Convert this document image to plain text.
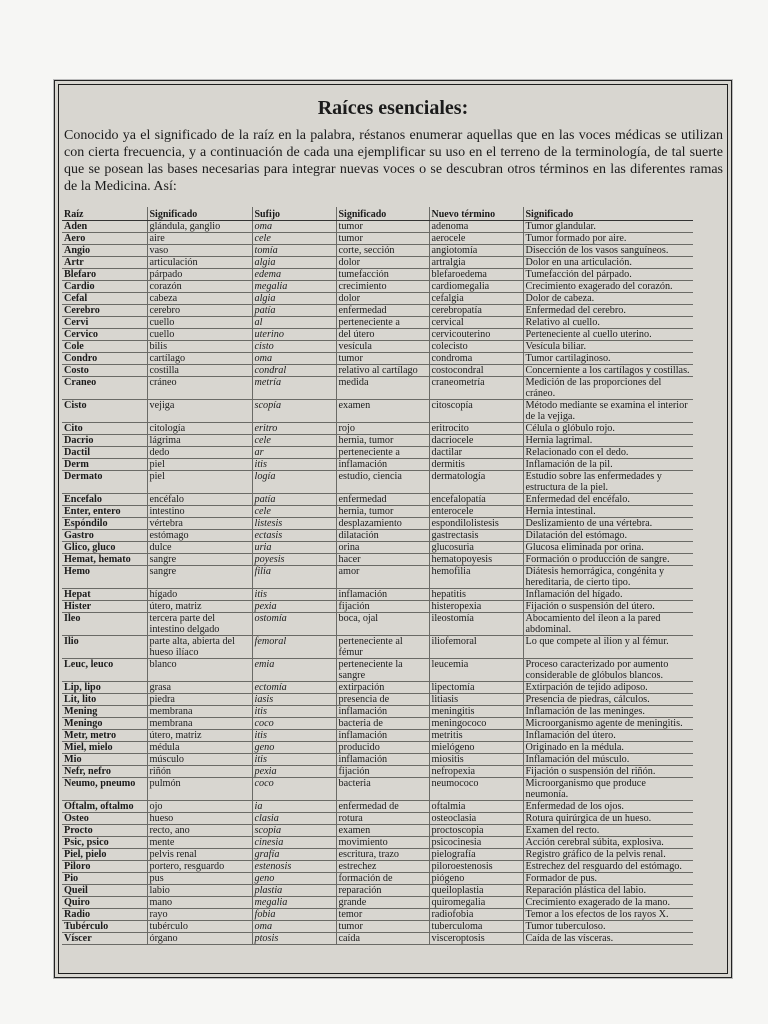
Raíces esenciales:
Conocido ya el significado de la raíz en la palabra, réstanos enumerar aquellas que en las voces médicas se utilizan con cierta frecuencia, y a continuación de cada una ejemplificar su uso en el terreno de la terminología, de tal suerte que se posean las bases necesarias para integrar nuevas voces o se descubran otros términos en las diferentes ramas de la Medicina. Así:
Raíz	Significado	Sufijo	Significado	Nuevo término	Significado
Aden	glándula, ganglio	oma	tumor	adenoma	Tumor glandular.
Aero	aire	cele	tumor	aerocele	Tumor formado por aire.
Angio	vaso	tomía	corte, sección	angiotomía	Disección de los vasos sanguíneos.
Artr	articulación	algia	dolor	artralgia	Dolor en una articulación.
Blefaro	párpado	edema	tumefacción	blefaroedema	Tumefacción del párpado.
Cardio	corazón	megalia	crecimiento	cardiomegalia	Crecimiento exagerado del corazón.
Cefal	cabeza	algia	dolor	cefalgia	Dolor de cabeza.
Cerebro	cerebro	patía	enfermedad	cerebropatía	Enfermedad del cerebro.
Cervi	cuello	al	perteneciente a	cervical	Relativo al cuello.
Cervico	cuello	uterino	del útero	cervicouterino	Perteneciente al cuello uterino.
Cole	bilis	cisto	vesícula	colecisto	Vesícula biliar.
Condro	cartílago	oma	tumor	condroma	Tumor cartilaginoso.
Costo	costilla	condral	relativo al cartílago	costocondral	Concerniente a los cartílagos y costillas.
Craneo	cráneo	metría	medida	craneometría	Medición de las proporciones del cráneo.
Cisto	vejiga	scopía	examen	citoscopía	Método mediante se examina el interior de la vejiga.
Cito	citología	eritro	rojo	eritrocito	Célula o glóbulo rojo.
Dacrio	lágrima	cele	hernia, tumor	dacriocele	Hernia lagrimal.
Dactil	dedo	ar	perteneciente a	dactilar	Relacionado con el dedo.
Derm	piel	itis	inflamación	dermitis	Inflamación de la pil.
Dermato	piel	logía	estudio, ciencia	dermatología	Estudio sobre las enfermedades y estructura de la piel.
Encefalo	encéfalo	patía	enfermedad	encefalopatía	Enfermedad del encéfalo.
Enter, entero	intestino	cele	hernia, tumor	enterocele	Hernia intestinal.
Espóndilo	vértebra	listesis	desplazamiento	espondilolistesis	Deslizamiento de una vértebra.
Gastro	estómago	ectasis	dilatación	gastrectasis	Dilatación del estómago.
Glico, gluco	dulce	uria	orina	glucosuria	Glucosa eliminada por orina.
Hemat, hemato	sangre	poyesis	hacer	hematopoyesis	Formación o producción de sangre.
Hemo	sangre	filia	amor	hemofilia	Diátesis hemorrágica, congénita y hereditaria, de cierto tipo.
Hepat	hígado	itis	inflamación	hepatitis	Inflamación del hígado.
Hister	útero, matriz	pexia	fijación	histeropexia	Fijación o suspensión del útero.
Ileo	tercera parte del intestino delgado	ostomía	boca, ojal	ileostomía	Abocamiento del íleon a la pared abdominal.
Ilio	parte alta, abierta del hueso ilíaco	femoral	perteneciente al fémur	iliofemoral	Lo que compete al ilion y al fémur.
Leuc, leuco	blanco	emia	perteneciente la sangre	leucemia	Proceso caracterizado por aumento considerable de glóbulos blancos.
Lip, lipo	grasa	ectomía	extirpación	lipectomía	Extirpación de tejido adiposo.
Lit, lito	piedra	iasis	presencia de	litiasis	Presencia de piedras, cálculos.
Mening	membrana	itis	inflamación	meningitis	Inflamación de las meninges.
Meningo	membrana	coco	bacteria de	meningococo	Microorganismo agente de meningitis.
Metr, metro	útero, matriz	itis	inflamación	metritis	Inflamación del útero.
Miel, mielo	médula	geno	producido	mielógeno	Originado en la médula.
Mio	músculo	itis	inflamación	miositis	Inflamación del músculo.
Nefr, nefro	riñón	pexia	fijación	nefropexia	Fijación o suspensión del riñón.
Neumo, pneumo	pulmón	coco	bacteria	neumococo	Microorganismo que produce neumonía.
Oftalm, oftalmo	ojo	ia	enfermedad de	oftalmia	Enfermedad de los ojos.
Osteo	hueso	clasia	rotura	osteoclasia	Rotura quirúrgica de un hueso.
Procto	recto, ano	scopia	examen	proctoscopia	Examen del recto.
Psic, psico	mente	cinesia	movimiento	psicocinesia	Acción cerebral súbita, explosiva.
Piel, pielo	pelvis renal	grafía	escritura, trazo	pielografía	Registro gráfico de la pelvis renal.
Piloro	portero, resguardo	estenosis	estrechez	piloroestenosis	Estrechez del resguardo del estómago.
Pio	pus	geno	formación de	piógeno	Formador de pus.
Queil	labio	plastia	reparación	queiloplastia	Reparación plástica del labio.
Quiro	mano	megalia	grande	quiromegalia	Crecimiento exagerado de la mano.
Radio	rayo	fobia	temor	radiofobia	Temor a los efectos de los rayos X.
Tubérculo	tubérculo	oma	tumor	tuberculoma	Tumor tuberculoso.
Víscer	órgano	ptosis	caída	visceroptosis	Caída de las vísceras.
